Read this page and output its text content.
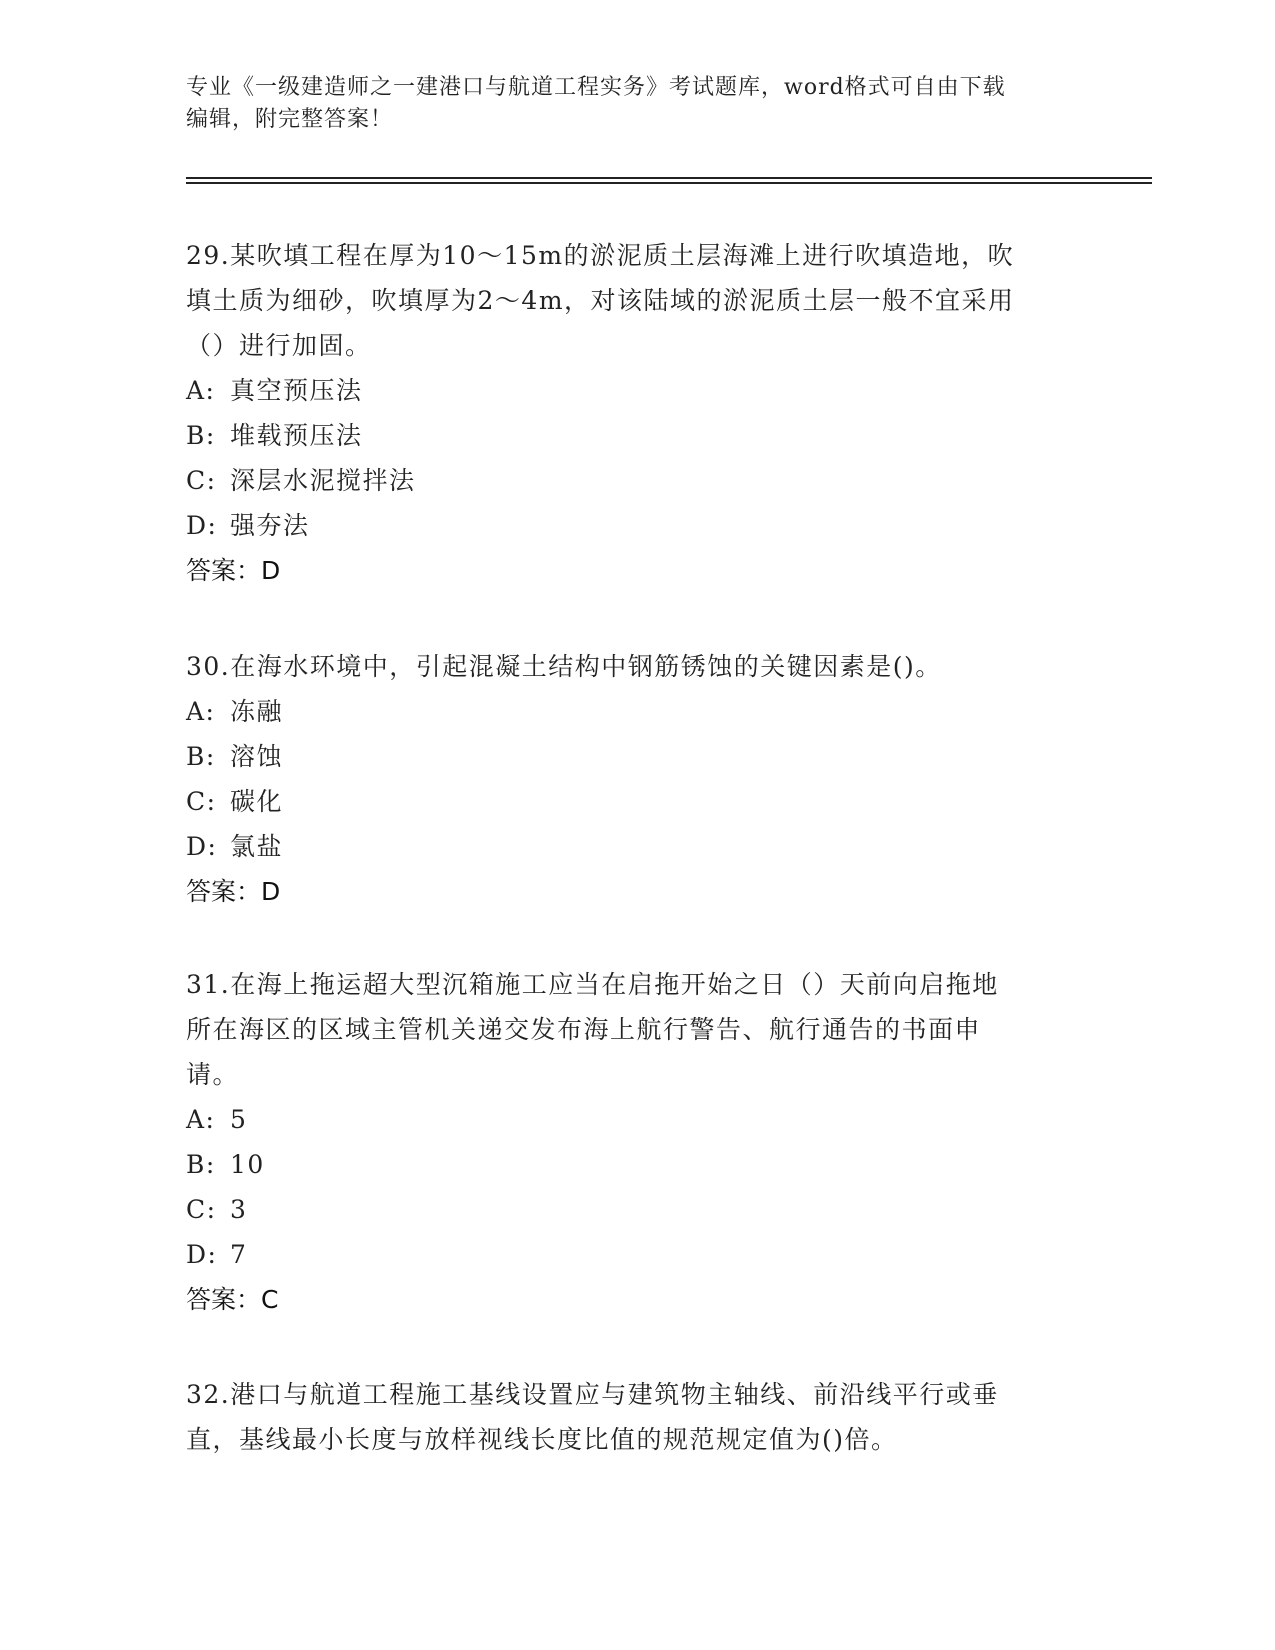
专业《一级建造师之一建港口与航道工程实务》考试题库，word格式可自由下载
编辑，附完整答案！
29.某吹填工程在厚为10～15m的淤泥质土层海滩上进行吹填造地，吹
填土质为细砂，吹填厚为2～4m，对该陆域的淤泥质土层一般不宜采用
（）进行加固。
A: 真空预压法
B: 堆载预压法
C: 深层水泥搅拌法
D: 强夯法
答案：D
30.在海水环境中，引起混凝土结构中钢筋锈蚀的关键因素是()。
A: 冻融
B: 溶蚀
C: 碳化
D: 氯盐
答案：D
31.在海上拖运超大型沉箱施工应当在启拖开始之日（）天前向启拖地
所在海区的区域主管机关递交发布海上航行警告、航行通告的书面申
请。
A: 5
B: 10
C: 3
D: 7
答案：C
32.港口与航道工程施工基线设置应与建筑物主轴线、前沿线平行或垂
直，基线最小长度与放样视线长度比值的规范规定值为()倍。
